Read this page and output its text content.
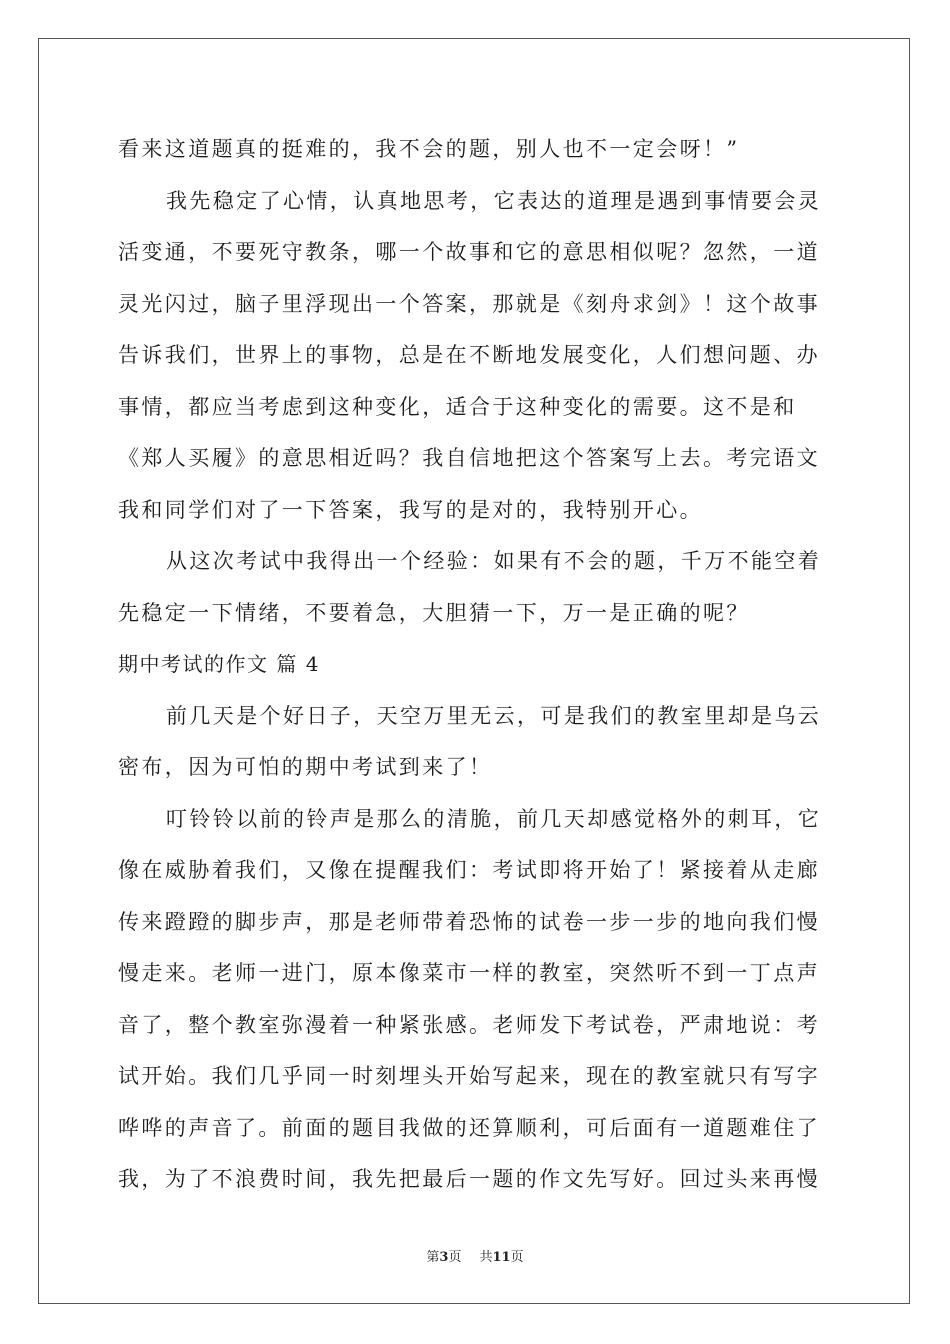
看来这道题真的挺难的，我不会的题，别人也不一定会呀！”
我先稳定了心情，认真地思考，它表达的道理是遇到事情要会灵
活变通，不要死守教条，哪一个故事和它的意思相似呢？忽然，一道
灵光闪过，脑子里浮现出一个答案，那就是《刻舟求剑》！这个故事
告诉我们，世界上的事物，总是在不断地发展变化，人们想问题、办
事情，都应当考虑到这种变化，适合于这种变化的需要。这不是和
《郑人买履》的意思相近吗？我自信地把这个答案写上去。考完语文
我和同学们对了一下答案，我写的是对的，我特别开心。
从这次考试中我得出一个经验：如果有不会的题，千万不能空着
先稳定一下情绪，不要着急，大胆猜一下，万一是正确的呢？
期中考试的作文 篇 4
前几天是个好日子，天空万里无云，可是我们的教室里却是乌云
密布，因为可怕的期中考试到来了！
叮铃铃以前的铃声是那么的清脆，前几天却感觉格外的刺耳，它
像在威胁着我们，又像在提醒我们：考试即将开始了！紧接着从走廊
传来蹬蹬的脚步声，那是老师带着恐怖的试卷一步一步的地向我们慢
慢走来。老师一进门，原本像菜市一样的教室，突然听不到一丁点声
音了，整个教室弥漫着一种紧张感。老师发下考试卷，严肃地说：考
试开始。我们几乎同一时刻埋头开始写起来，现在的教室就只有写字
哗哗的声音了。前面的题目我做的还算顺利，可后面有一道题难住了
我，为了不浪费时间，我先把最后一题的作文先写好。回过头来再慢
第3页 共11页
